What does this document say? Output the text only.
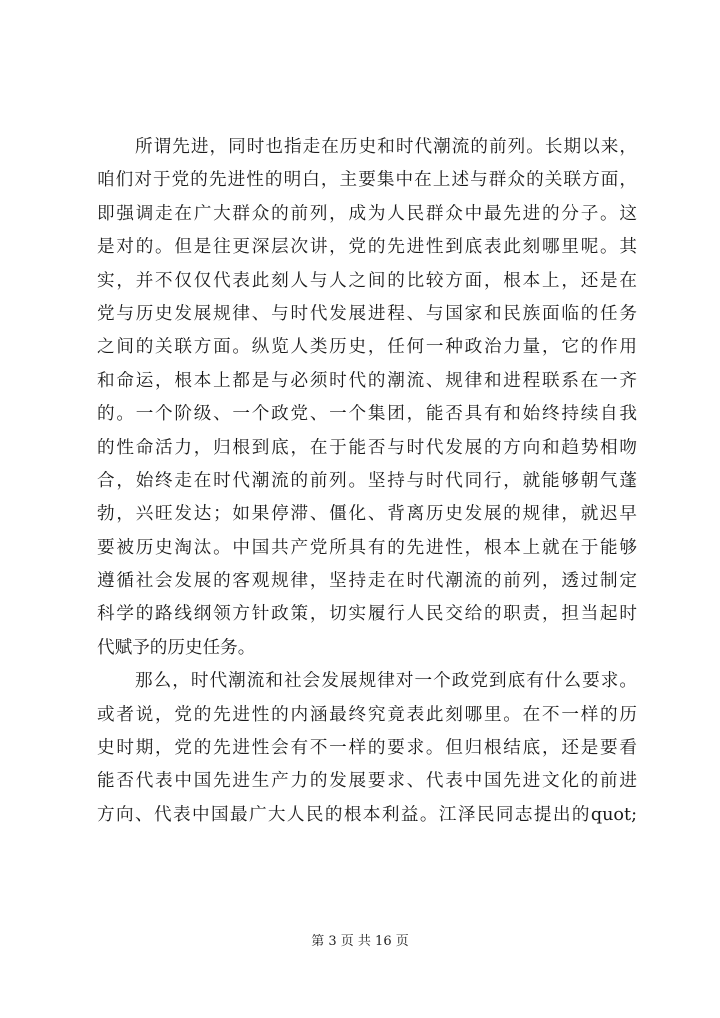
所谓先进，同时也指走在历史和时代潮流的前列。长期以来，
咱们对于党的先进性的明白，主要集中在上述与群众的关联方面，
即强调走在广大群众的前列，成为人民群众中最先进的分子。这
是对的。但是往更深层次讲，党的先进性到底表此刻哪里呢。其
实，并不仅仅代表此刻人与人之间的比较方面，根本上，还是在
党与历史发展规律、与时代发展进程、与国家和民族面临的任务
之间的关联方面。纵览人类历史，任何一种政治力量，它的作用
和命运，根本上都是与必须时代的潮流、规律和进程联系在一齐
的。一个阶级、一个政党、一个集团，能否具有和始终持续自我
的性命活力，归根到底，在于能否与时代发展的方向和趋势相吻
合，始终走在时代潮流的前列。坚持与时代同行，就能够朝气蓬
勃，兴旺发达；如果停滞、僵化、背离历史发展的规律，就迟早
要被历史淘汰。中国共产党所具有的先进性，根本上就在于能够
遵循社会发展的客观规律，坚持走在时代潮流的前列，透过制定
科学的路线纲领方针政策，切实履行人民交给的职责，担当起时
代赋予的历史任务。
那么，时代潮流和社会发展规律对一个政党到底有什么要求。
或者说，党的先进性的内涵最终究竟表此刻哪里。在不一样的历
史时期，党的先进性会有不一样的要求。但归根结底，还是要看
能否代表中国先进生产力的发展要求、代表中国先进文化的前进
方向、代表中国最广大人民的根本利益。江泽民同志提出的quot;
第 3 页 共 16 页
